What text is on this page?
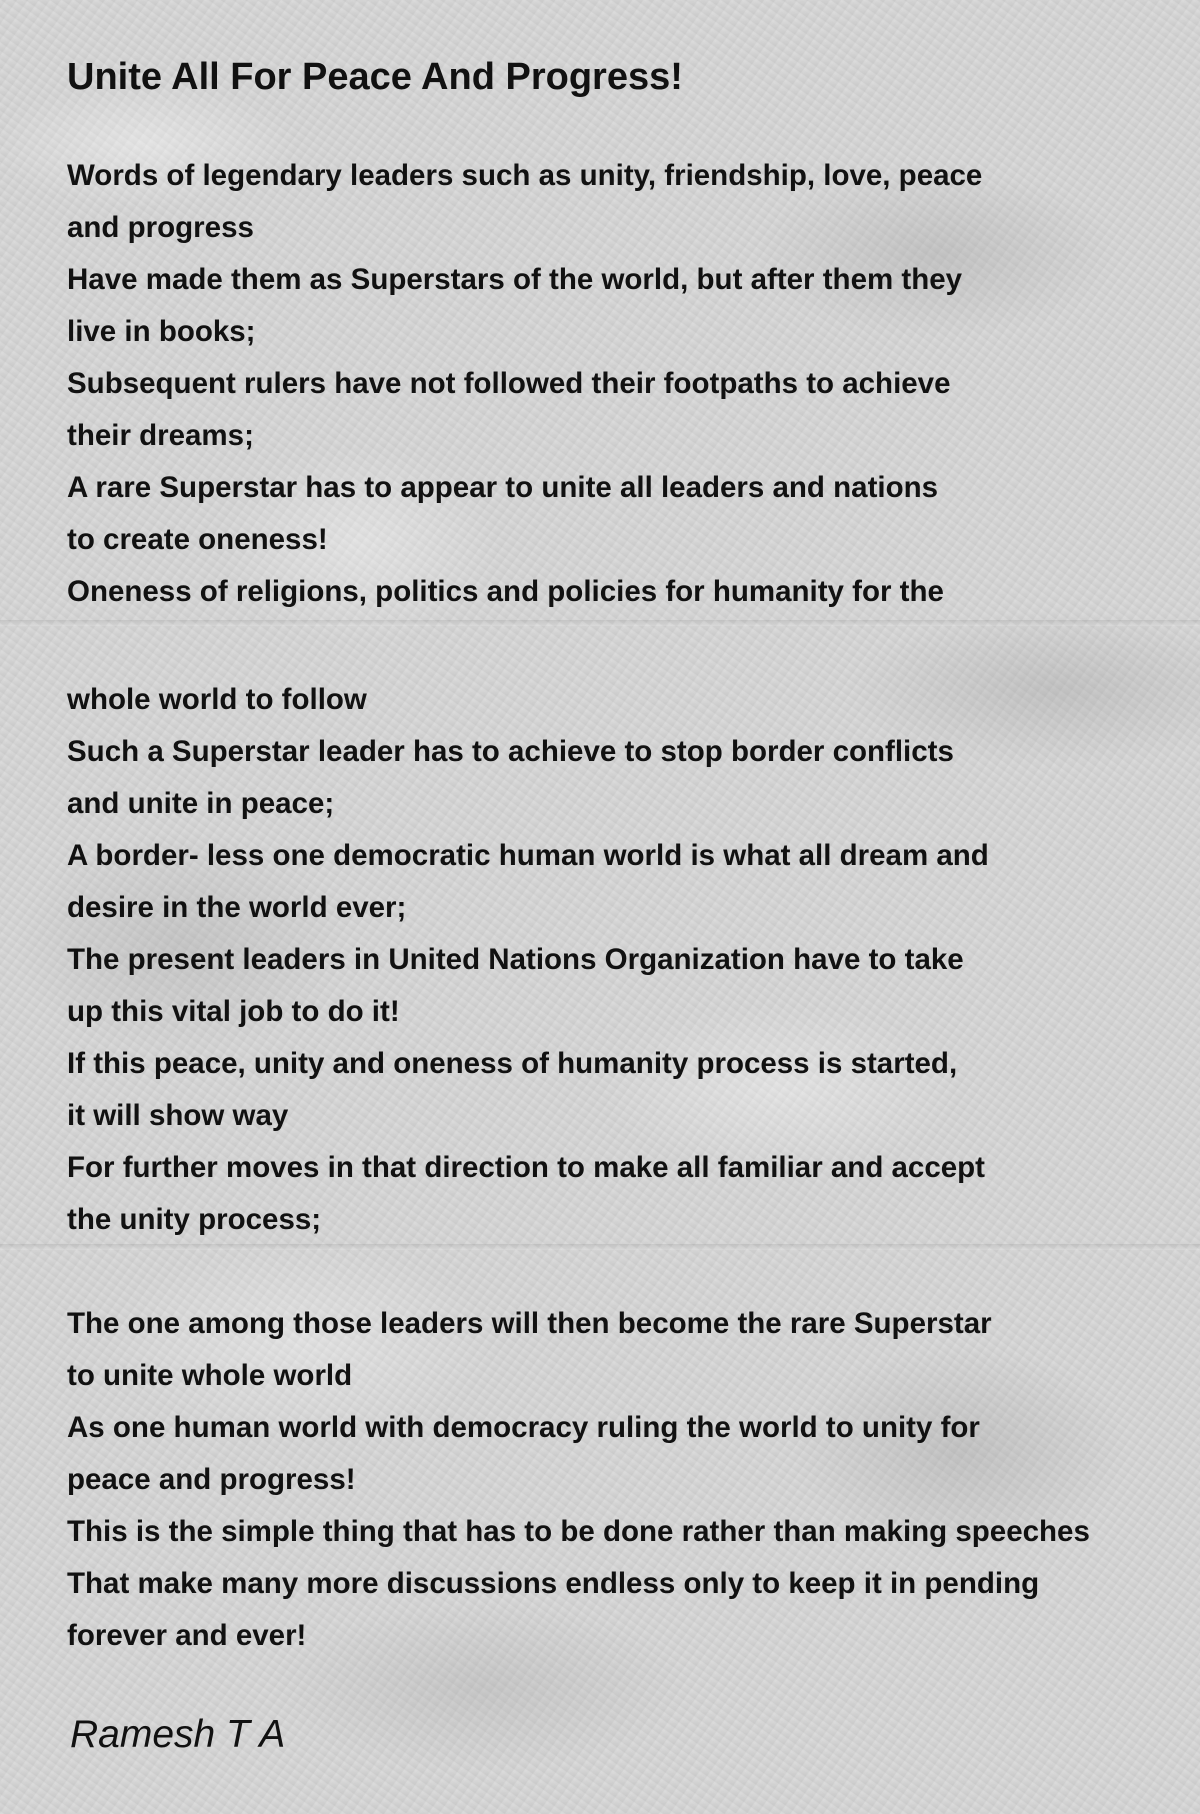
Unite All For Peace And Progress!
Words of legendary leaders such as unity, friendship, love, peace
and progress
Have made them as Superstars of the world, but after them they
live in books;
Subsequent rulers have not followed their footpaths to achieve
their dreams;
A rare Superstar has to appear to unite all leaders and nations
to create oneness!
Oneness of religions, politics and policies for humanity for the
whole world to follow
Such a Superstar leader has to achieve to stop border conflicts
and unite in peace;
A border- less one democratic human world is what all dream and
desire in the world ever;
The present leaders in United Nations Organization have to take
up this vital job to do it!
If this peace, unity and oneness of humanity process is started,
it will show way
For further moves in that direction to make all familiar and accept
the unity process;
The one among those leaders will then become the rare Superstar
to unite whole world
As one human world with democracy ruling the world to unity for
peace and progress!
This is the simple thing that has to be done rather than making speeches
That make many more discussions endless only to keep it in pending
forever and ever!

Ramesh T A
